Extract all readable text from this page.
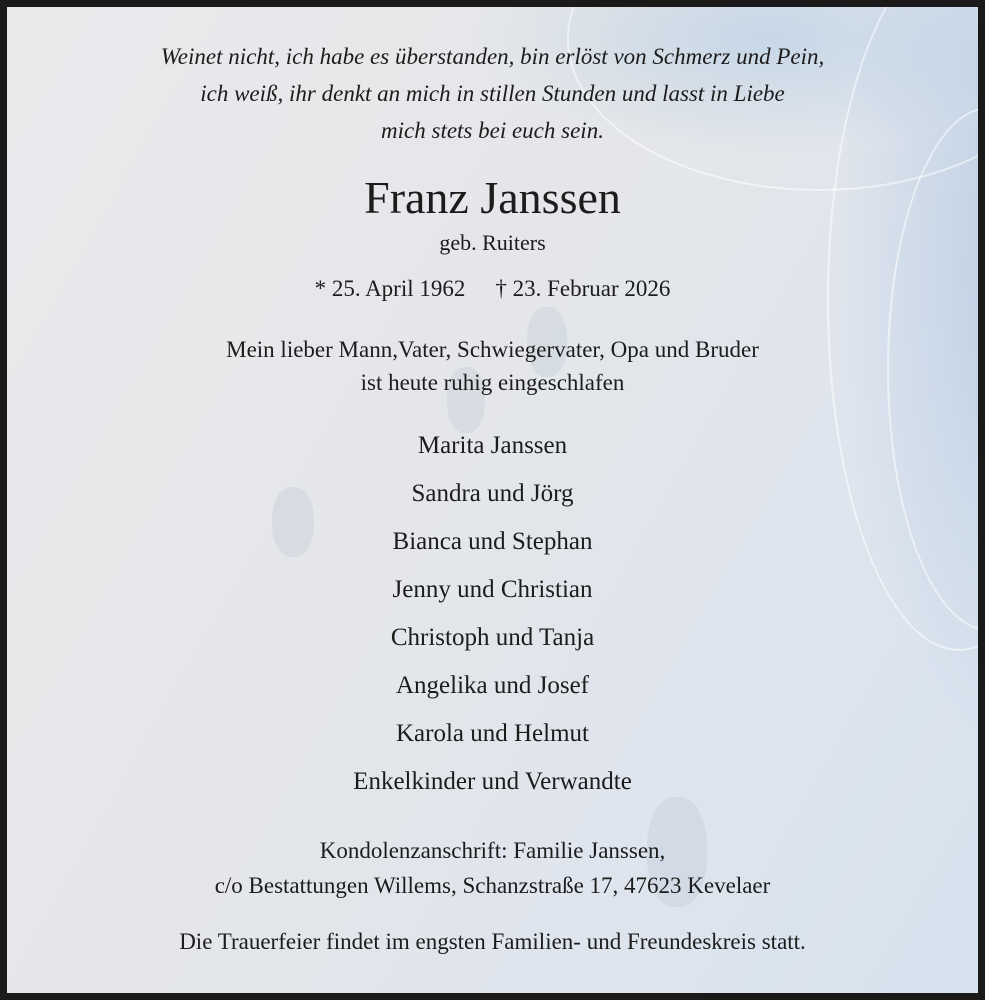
Weinet nicht, ich habe es überstanden, bin erlöst von Schmerz und Pein,
ich weiß, ihr denkt an mich in stillen Stunden und lasst in Liebe
mich stets bei euch sein.
Franz Janssen
geb. Ruiters
* 25. April 1962 † 23. Februar 2026
Mein lieber Mann,Vater, Schwiegervater, Opa und Bruder
ist heute ruhig eingeschlafen
Marita Janssen
Sandra und Jörg
Bianca und Stephan
Jenny und Christian
Christoph und Tanja
Angelika und Josef
Karola und Helmut
Enkelkinder und Verwandte
Kondolenzanschrift: Familie Janssen,
c/o Bestattungen Willems, Schanzstraße 17, 47623 Kevelaer
Die Trauerfeier findet im engsten Familien- und Freundeskreis statt.
